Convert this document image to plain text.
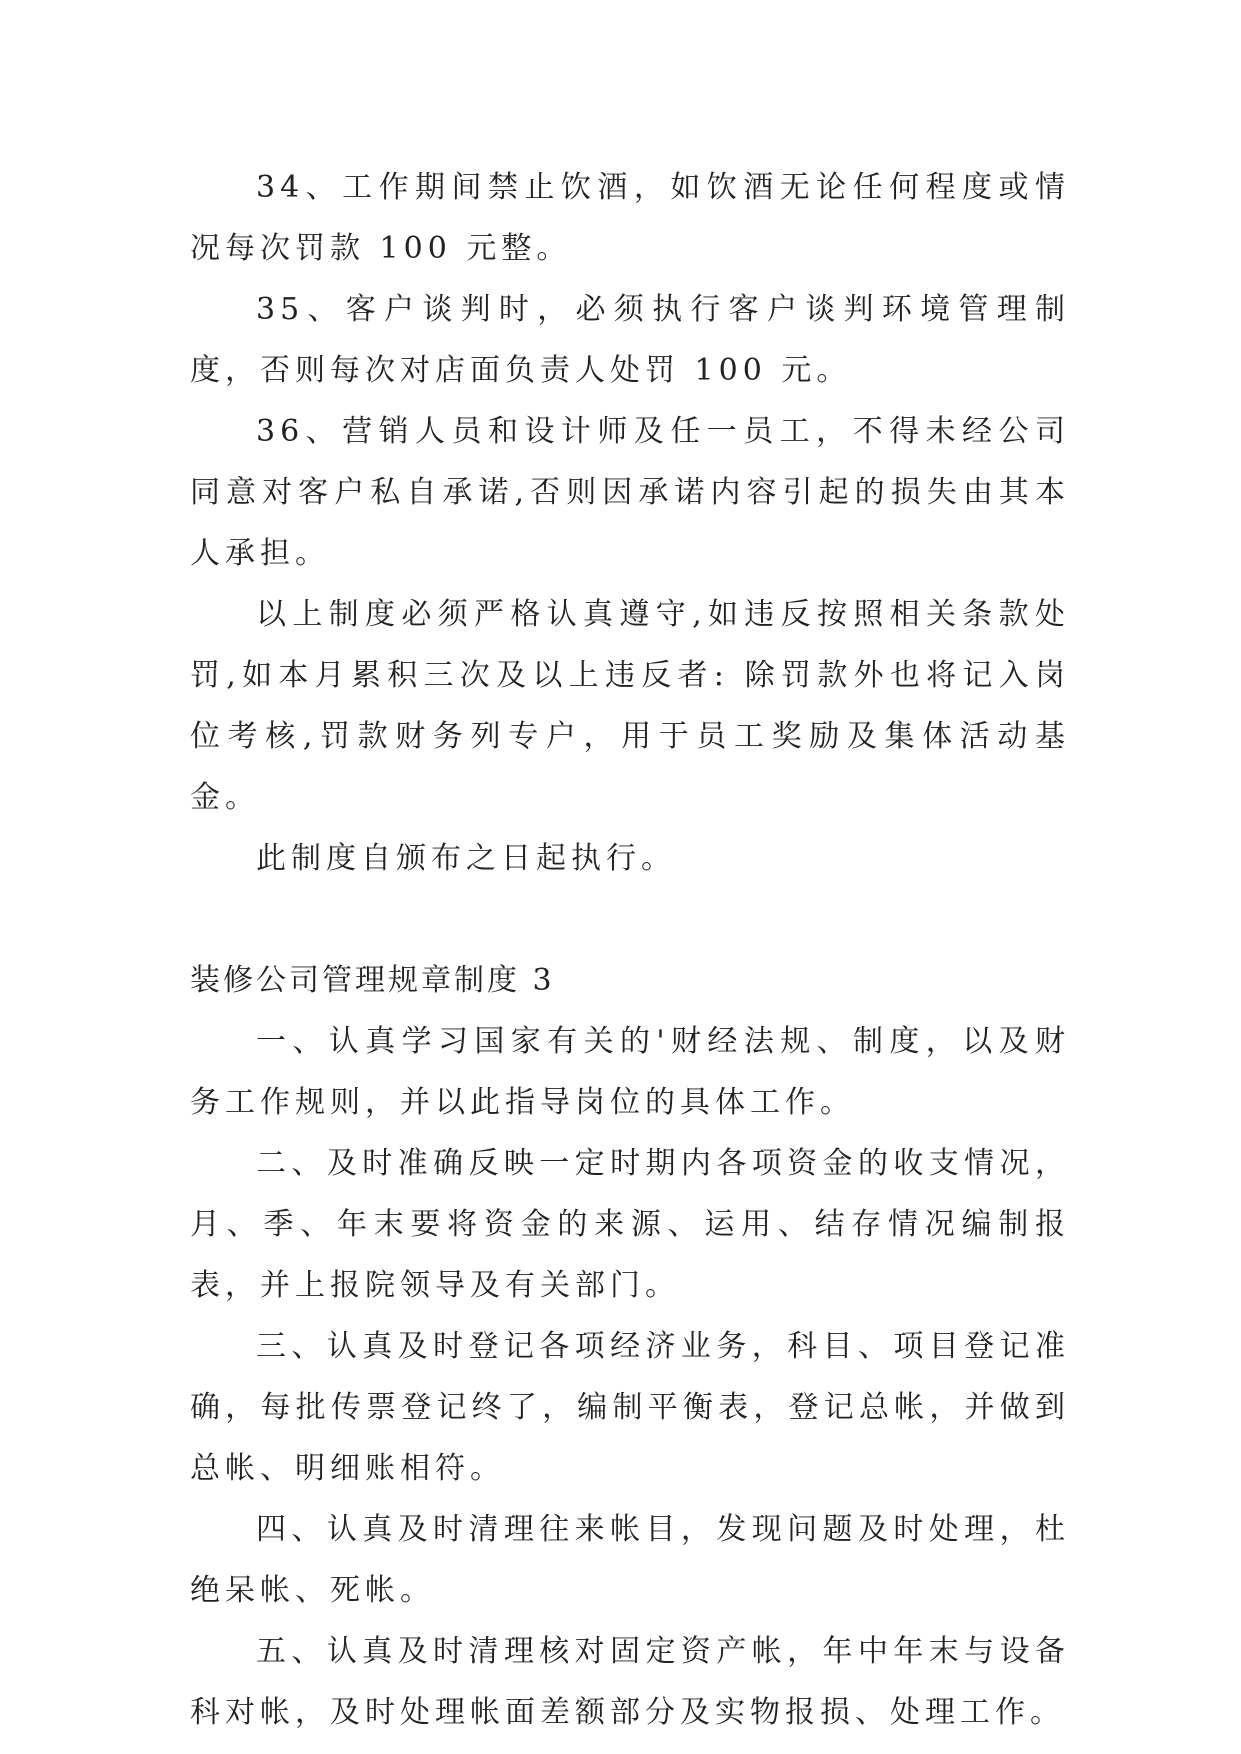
34、工作期间禁止饮酒，如饮酒无论任何程度或情况每次罚款 100 元整。

35、客户谈判时，必须执行客户谈判环境管理制度，否则每次对店面负责人处罚 100 元。

36、营销人员和设计师及任一员工，不得未经公司同意对客户私自承诺,否则因承诺内容引起的损失由其本人承担。

以上制度必须严格认真遵守,如违反按照相关条款处罚,如本月累积三次及以上违反者: 除罚款外也将记入岗位考核,罚款财务列专户，用于员工奖励及集体活动基金。

此制度自颁布之日起执行。

装修公司管理规章制度 3

一、认真学习国家有关的'财经法规、制度，以及财务工作规则，并以此指导岗位的具体工作。

二、及时准确反映一定时期内各项资金的收支情况，月、季、年末要将资金的来源、运用、结存情况编制报表，并上报院领导及有关部门。

三、认真及时登记各项经济业务，科目、项目登记准确，每批传票登记终了，编制平衡表，登记总帐，并做到总帐、明细账相符。

四、认真及时清理往来帐目，发现问题及时处理，杜绝呆帐、死帐。

五、认真及时清理核对固定资产帐，年中年末与设备科对帐，及时处理帐面差额部分及实物报损、处理工作。
